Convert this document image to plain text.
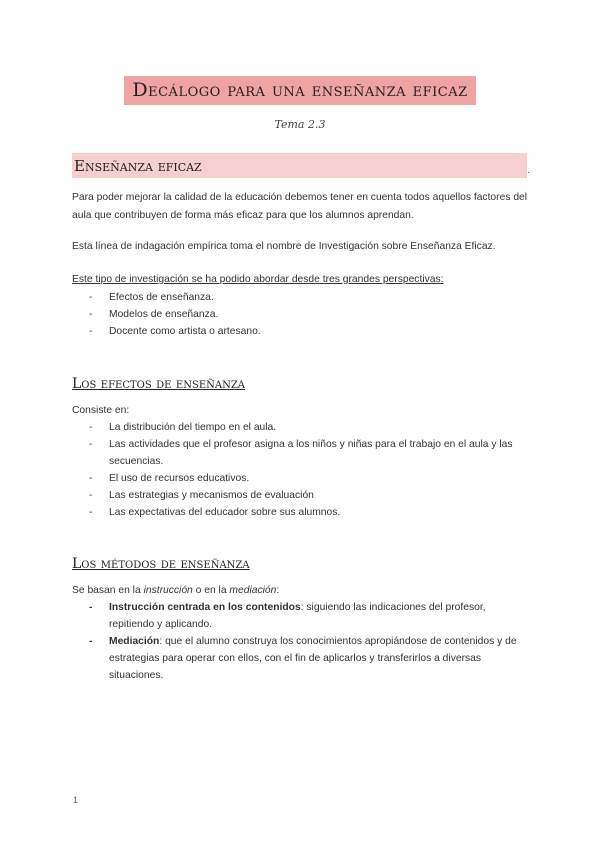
Decálogo para una enseñanza eficaz
Tema 2.3
Enseñanza eficaz	.
Para poder mejorar la calidad de la educación debemos tener en cuenta todos aquellos factores del aula que contribuyen de forma más eficaz para que los alumnos aprendan.
Esta línea de indagación empírica toma el nombre de Investigación sobre Enseñanza Eficaz.
Este tipo de investigación se ha podido abordar desde tres grandes perspectivas:
- Efectos de enseñanza.
- Modelos de enseñanza.
- Docente como artista o artesano.
Los efectos de enseñanza
Consiste en:
- La distribución del tiempo en el aula.
- Las actividades que el profesor asigna a los niños y niñas para el trabajo en el aula y las secuencias.
- El uso de recursos educativos.
- Las estrategias y mecanismos de evaluación
- Las expectativas del educador sobre sus alumnos.
Los métodos de enseñanza
Se basan en la instrucción o en la mediación:
- Instrucción centrada en los contenidos: siguiendo las indicaciones del profesor, repitiendo y aplicando.
- Mediación: que el alumno construya los conocimientos apropiándose de contenidos y de estrategias para operar con ellos, con el fin de aplicarlos y transferirlos a diversas situaciones.
1
